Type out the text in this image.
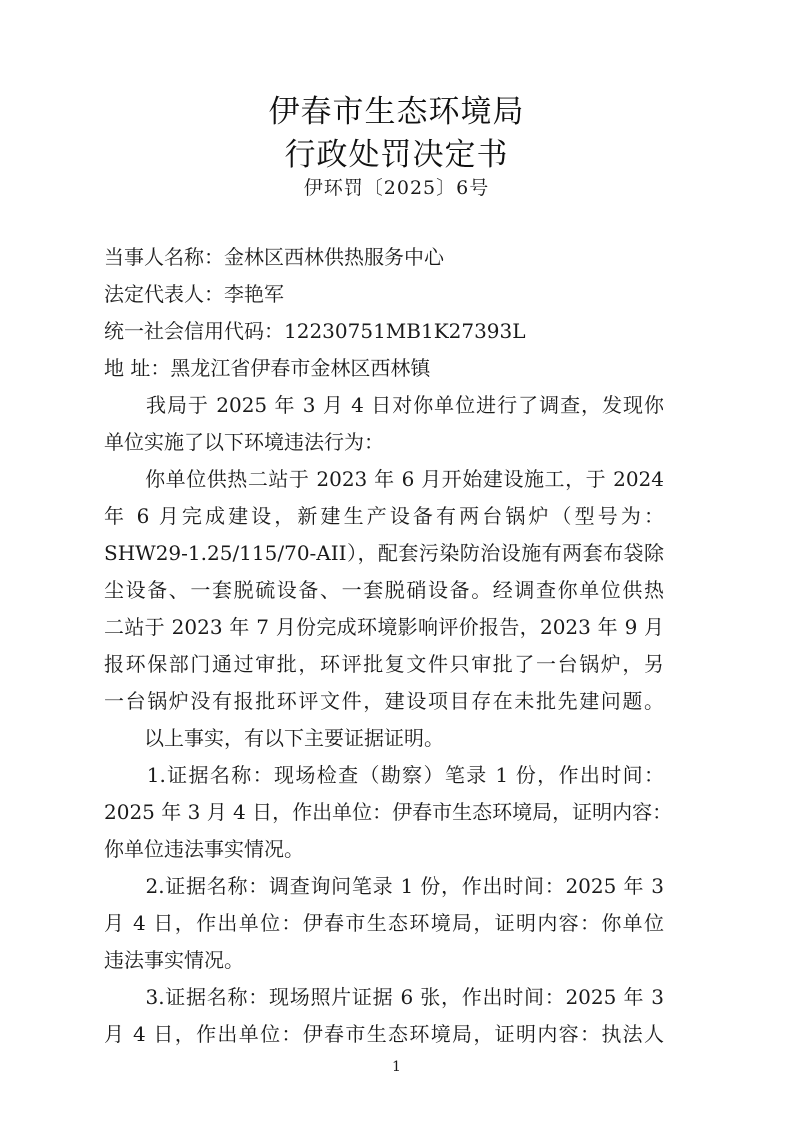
伊春市生态环境局
行政处罚决定书
伊环罚〔2025〕6号
当事人名称：金林区西林供热服务中心
法定代表人：李艳军
统一社会信用代码：12230751MB1K27393L
地 址：黑龙江省伊春市金林区西林镇
　　我局于 2025 年 3 月 4 日对你单位进行了调查，发现你
单位实施了以下环境违法行为：
　　你单位供热二站于 2023 年 6 月开始建设施工，于 2024
年 6 月完成建设，新建生产设备有两台锅炉（型号为：
SHW29-1.25/115/70-AII），配套污染防治设施有两套布袋除
尘设备、一套脱硫设备、一套脱硝设备。经调查你单位供热
二站于 2023 年 7 月份完成环境影响评价报告，2023 年 9 月
报环保部门通过审批，环评批复文件只审批了一台锅炉，另
一台锅炉没有报批环评文件，建设项目存在未批先建问题。
　　以上事实，有以下主要证据证明。
　　1.证据名称：现场检查（勘察）笔录 1 份，作出时间：
2025 年 3 月 4 日，作出单位：伊春市生态环境局，证明内容：
你单位违法事实情况。
　　2.证据名称：调查询问笔录 1 份，作出时间：2025 年 3
月 4 日，作出单位：伊春市生态环境局，证明内容：你单位
违法事实情况。
　　3.证据名称：现场照片证据 6 张，作出时间：2025 年 3
月 4 日，作出单位：伊春市生态环境局，证明内容：执法人
1
